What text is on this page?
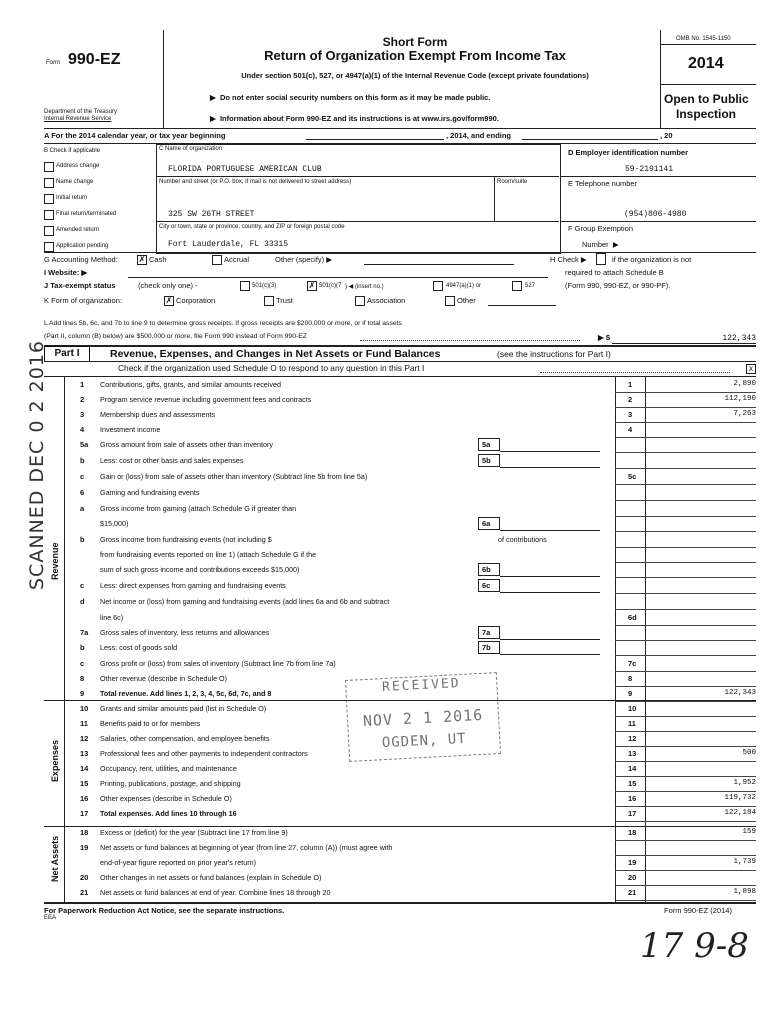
Form 990-EZ
Department of the Treasury
Internal Revenue Service
Short Form
Return of Organization Exempt From Income Tax
Under section 501(c), 527, or 4947(a)(1) of the Internal Revenue Code (except private foundations)
▶  Do not enter social security numbers on this form as it may be made public.
▶  Information about Form 990-EZ and its instructions is at www.irs.gov/form990.
OMB No. 1545-1150
2014
Open to Public
Inspection
A For the 2014 calendar year, or tax year beginning	, 2014, and ending	, 20
B Check if applicable
Address change
Name change
Initial return
Final return/terminated
Amended return
Application pending
C Name of organization
FLORIDA PORTUGUESE AMERICAN CLUB
Number and street (or P.O. box, if mail is not delivered to street address)	Room/suite
325 SW 26TH STREET
City or town, state or province, country, and ZIP or foreign postal code
Fort Lauderdale, FL 33315
D Employer identification number
59-2191141
E Telephone number
(954)806-4980
F Group Exemption
Number  ▶
G Accounting Method:	✗ Cash	Accrual	Other (specify) ▶	H Check ▶	if the organization is not
required to attach Schedule B
(Form 990, 990-EZ, or 990-PF).
I Website: ▶
J Tax-exempt status	(check only one) -	501(c)(3)	✗ 501(c)(7 ) ◀ (insert no.)	4947(a)(1) or	527
K Form of organization:	✗ Corporation	Trust	Association	Other
L Add lines 5b, 6c, and 7b to line 9 to determine gross receipts. If gross receipts are $200,000 or more, or if total assets
(Part II, column (B) below) are $500,000 or more, file Form 990 instead of Form 990-EZ	▶ $	122,343
Part I	Revenue, Expenses, and Changes in Net Assets or Fund Balances	(see the instructions for Part I)
Check if the organization used Schedule O to respond to any question in this Part I	x
Revenue
Expenses
Net Assets
1 Contributions, gifts, grants, and similar amounts received	1	2,890
2 Program service revenue including government fees and contracts	2	112,190
3 Membership dues and assessments	3	7,263
4 Investment income	4
5a Gross amount from sale of assets other than inventory	5a
b Less: cost or other basis and sales expenses	5b
c Gain or (loss) from sale of assets other than inventory (Subtract line 5b from line 5a)	5c
6 Gaming and fundraising events
a Gross income from gaming (attach Schedule G if greater than
$15,000)	6a
b Gross income from fundraising events (not including $	of contributions
from fundraising events reported on line 1) (attach Schedule G if the
sum of such gross income and contributions exceeds $15,000)	6b
c Less: direct expenses from gaming and fundraising events	6c
d Net income or (loss) from gaming and fundraising events (add lines 6a and 6b and subtract
line 6c)	6d
7a Gross sales of inventory, less returns and allowances	7a
b Less: cost of goods sold	7b
c Gross profit or (loss) from sales of inventory (Subtract line 7b from line 7a)	7c
8 Other revenue (describe in Schedule O)	8
9 Total revenue. Add lines 1, 2, 3, 4, 5c, 6d, 7c, and 8	9	122,343
10 Grants and similar amounts paid (list in Schedule O)	10
11 Benefits paid to or for members	11
12 Salaries, other compensation, and employee benefits	12
13 Professional fees and other payments to independent contractors	13	500
14 Occupancy, rent, utilities, and maintenance	14
15 Printing, publications, postage, and shipping	15	1,952
16 Other expenses (describe in Schedule O)	16	119,732
17 Total expenses. Add lines 10 through 16	17	122,184
18 Excess or (deficit) for the year (Subtract line 17 from line 9)	18	159
19 Net assets or fund balances at beginning of year (from line 27, column (A)) (must agree with
end-of-year figure reported on prior year's return)	19	1,739
20 Other changes in net assets or fund balances (explain in Schedule O)	20
21 Net assets or fund balances at end of year. Combine lines 18 through 20	21	1,898
For Paperwork Reduction Act Notice, see the separate instructions.
EEA
Form 990-EZ (2014)
SCANNED DEC 0 2 2016
RECEIVED
NOV 2 1 2016
OGDEN, UT
17 9-8
